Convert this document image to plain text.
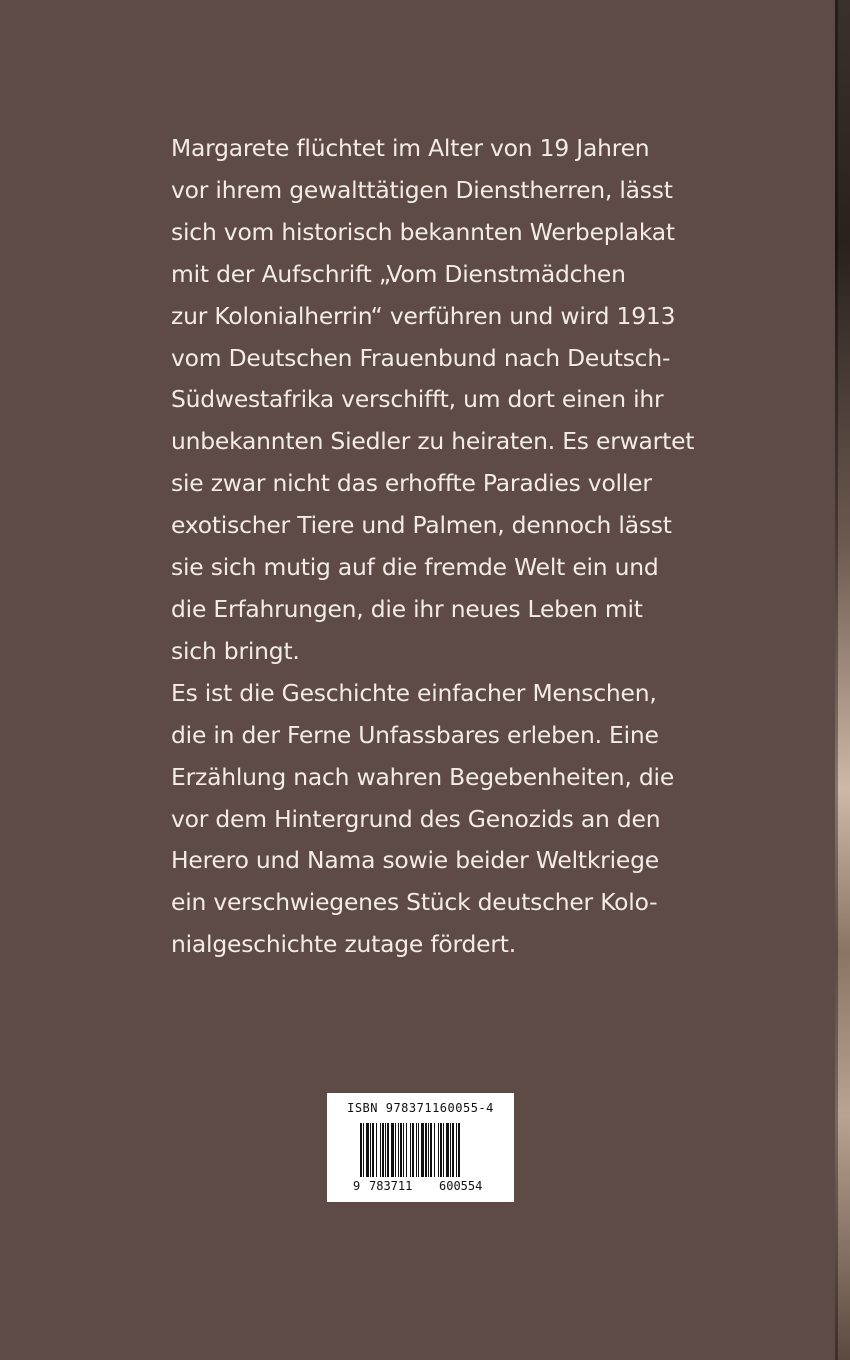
Margarete flüchtet im Alter von 19 Jahren
vor ihrem gewalttätigen Dienstherren, lässt
sich vom historisch bekannten Werbeplakat
mit der Aufschrift „Vom Dienstmädchen
zur Kolonialherrin“ verführen und wird 1913
vom Deutschen Frauenbund nach Deutsch-
Südwestafrika verschifft, um dort einen ihr
unbekannten Siedler zu heiraten. Es erwartet
sie zwar nicht das erhoffte Paradies voller
exotischer Tiere und Palmen, dennoch lässt
sie sich mutig auf die fremde Welt ein und
die Erfahrungen, die ihr neues Leben mit
sich bringt.
Es ist die Geschichte einfacher Menschen,
die in der Ferne Unfassbares erleben. Eine
Erzählung nach wahren Begebenheiten, die
vor dem Hintergrund des Genozids an den
Herero und Nama sowie beider Weltkriege
ein verschwiegenes Stück deutscher Kolo-
nialgeschichte zutage fördert.
ISBN 978371160055-4
9 783711 600554
